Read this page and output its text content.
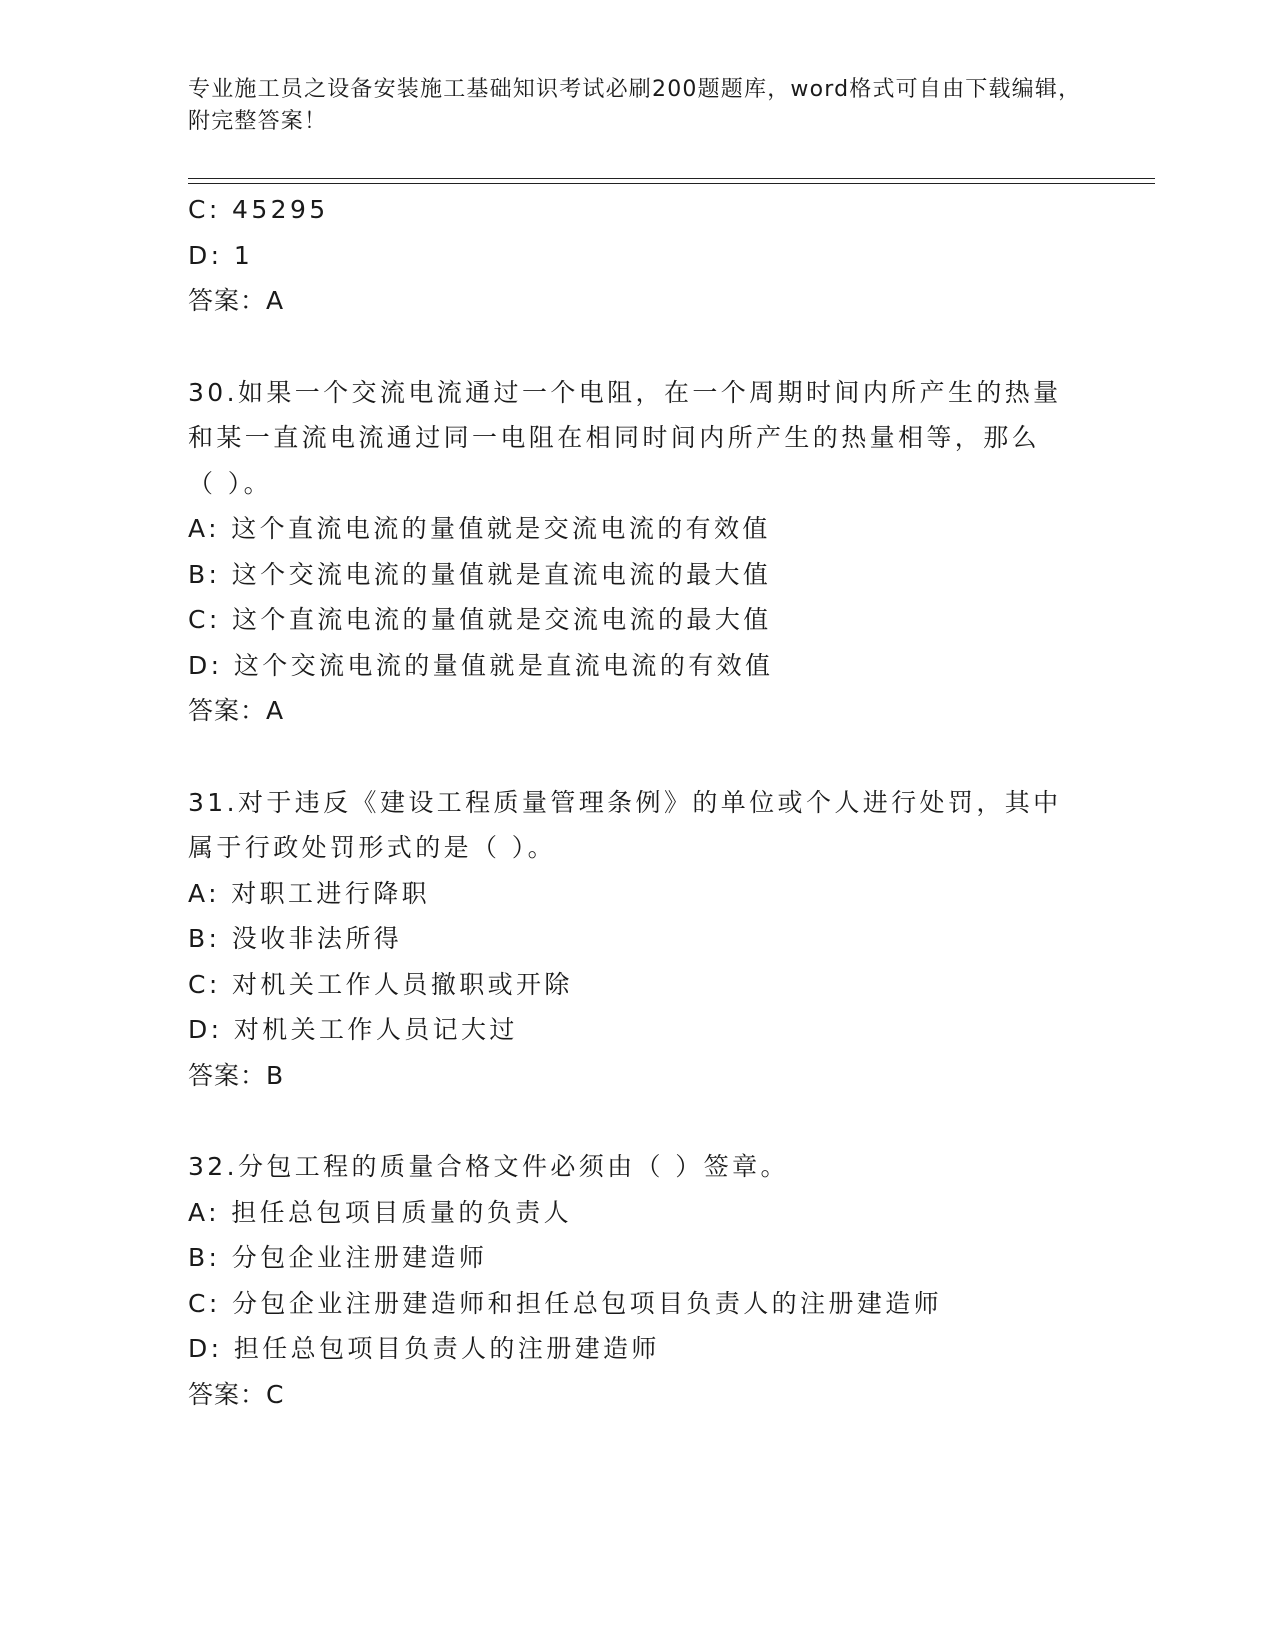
专业施工员之设备安装施工基础知识考试必刷200题题库，word格式可自由下载编辑，附完整答案！
C: 45295
D: 1
答案：A
30.如果一个交流电流通过一个电阻，在一个周期时间内所产生的热量和某一直流电流通过同一电阻在相同时间内所产生的热量相等，那么（ ）。
A: 这个直流电流的量值就是交流电流的有效值
B: 这个交流电流的量值就是直流电流的最大值
C: 这个直流电流的量值就是交流电流的最大值
D: 这个交流电流的量值就是直流电流的有效值
答案：A
31.对于违反《建设工程质量管理条例》的单位或个人进行处罚，其中属于行政处罚形式的是（ ）。
A: 对职工进行降职
B: 没收非法所得
C: 对机关工作人员撤职或开除
D: 对机关工作人员记大过
答案：B
32.分包工程的质量合格文件必须由（ ）签章。
A: 担任总包项目质量的负责人
B: 分包企业注册建造师
C: 分包企业注册建造师和担任总包项目负责人的注册建造师
D: 担任总包项目负责人的注册建造师
答案：C
